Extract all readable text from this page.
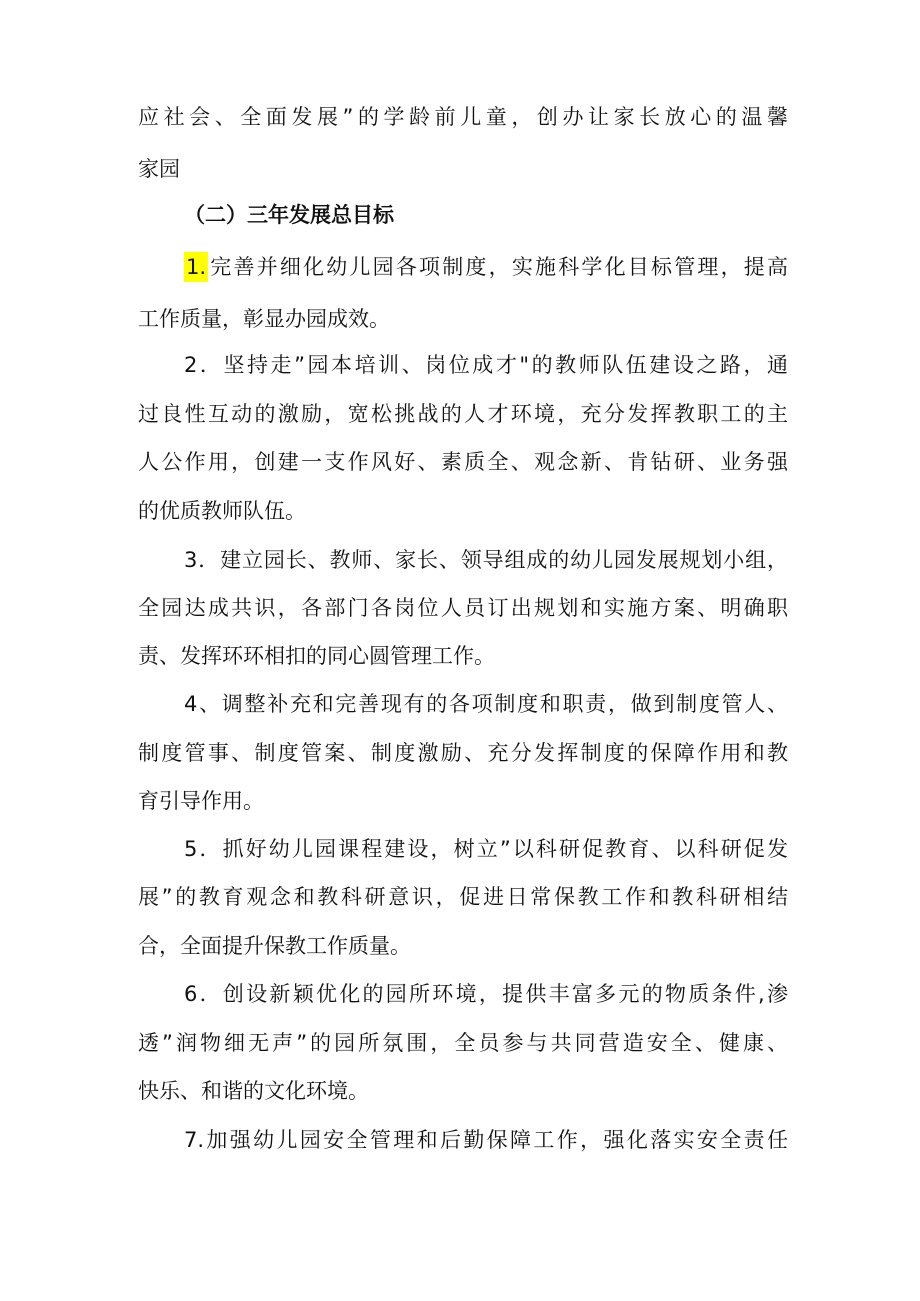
应社会、全面发展”的学龄前儿童，创办让家长放心的温馨
家园
（二）三年发展总目标
1.完善并细化幼儿园各项制度，实施科学化目标管理，提高
工作质量，彰显办园成效。
2．坚持走”园本培训、岗位成才"的教师队伍建设之路，通
过良性互动的激励，宽松挑战的人才环境，充分发挥教职工的主
人公作用，创建一支作风好、素质全、观念新、肯钻研、业务强
的优质教师队伍。
3．建立园长、教师、家长、领导组成的幼儿园发展规划小组，
全园达成共识，各部门各岗位人员订出规划和实施方案、明确职
责、发挥环环相扣的同心圆管理工作。
4、调整补充和完善现有的各项制度和职责，做到制度管人、
制度管事、制度管案、制度激励、充分发挥制度的保障作用和教
育引导作用。
5．抓好幼儿园课程建设，树立”以科研促教育、以科研促发
展”的教育观念和教科研意识，促进日常保教工作和教科研相结
合，全面提升保教工作质量。
6．创设新颖优化的园所环境，提供丰富多元的物质条件,渗
透”润物细无声”的园所氛围，全员参与共同营造安全、健康、
快乐、和谐的文化环境。
7.加强幼儿园安全管理和后勤保障工作，强化落实安全责任
